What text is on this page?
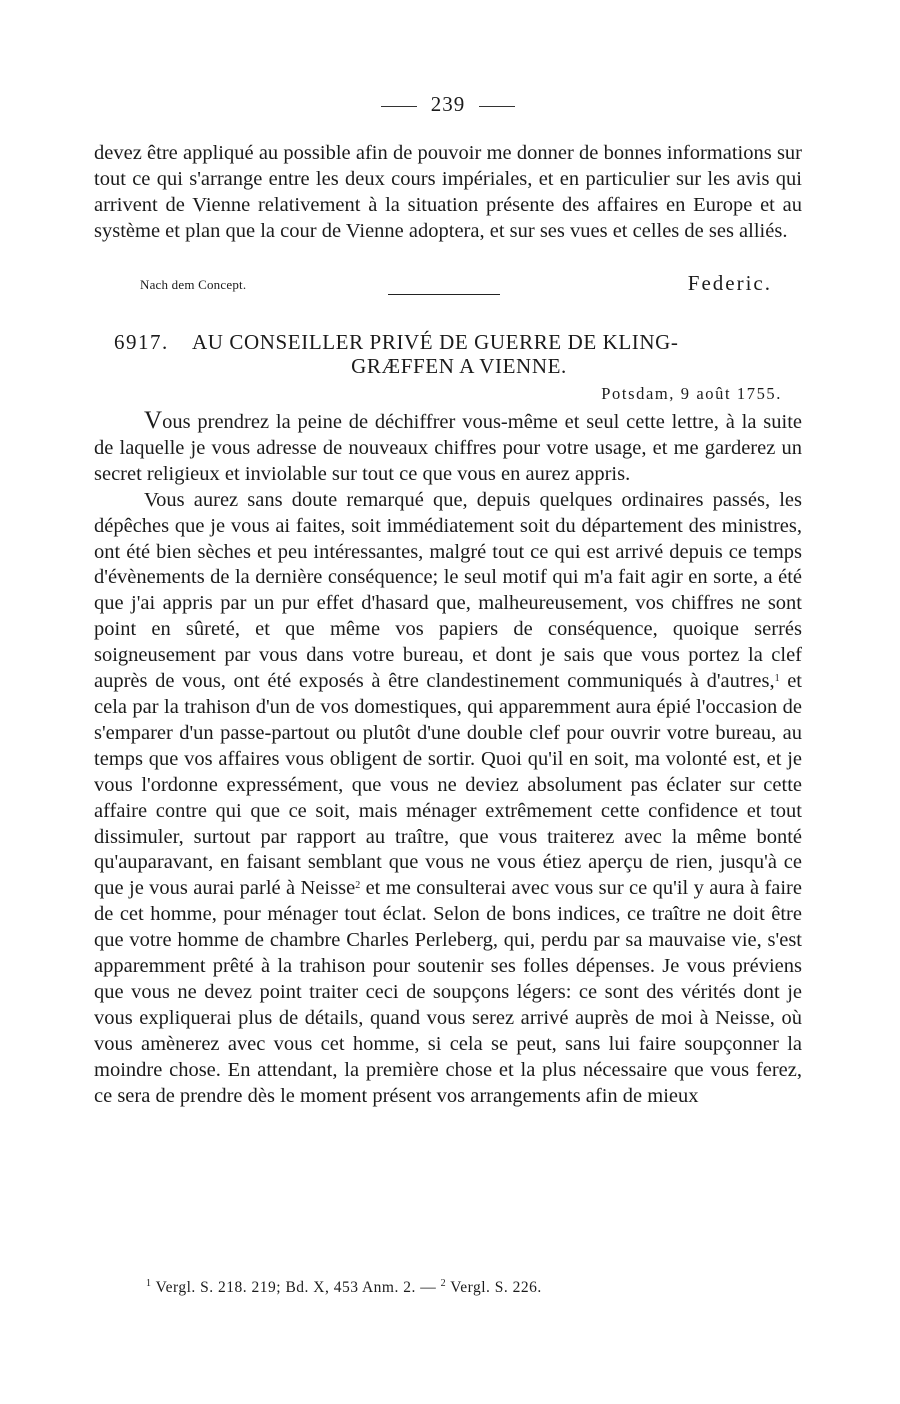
239

devez être appliqué au possible afin de pouvoir me donner de bonnes informations sur tout ce qui s'arrange entre les deux cours impériales, et en particulier sur les avis qui arrivent de Vienne relativement à la situation présente des affaires en Europe et au système et plan que la cour de Vienne adoptera, et sur ses vues et celles de ses alliés.

Nach dem Concept.	Federic.
6917. AU CONSEILLER PRIVÉ DE GUERRE DE KLING-
GRÆFFEN A VIENNE.
Potsdam, 9 août 1755.

Vous prendrez la peine de déchiffrer vous-même et seul cette lettre, à la suite de laquelle je vous adresse de nouveaux chiffres pour votre usage, et me garderez un secret religieux et inviolable sur tout ce que vous en aurez appris.

Vous aurez sans doute remarqué que, depuis quelques ordinaires passés, les dépêches que je vous ai faites, soit immédiatement soit du département des ministres, ont été bien sèches et peu intéressantes, malgré tout ce qui est arrivé depuis ce temps d'évènements de la dernière conséquence; le seul motif qui m'a fait agir en sorte, a été que j'ai appris par un pur effet d'hasard que, malheureusement, vos chiffres ne sont point en sûreté, et que même vos papiers de conséquence, quoique serrés soigneusement par vous dans votre bureau, et dont je sais que vous portez la clef auprès de vous, ont été exposés à être clandestinement communiqués à d'autres,$^1$ et cela par la trahison d'un de vos domestiques, qui apparemment aura épié l'occasion de s'emparer d'un passe-partout ou plutôt d'une double clef pour ouvrir votre bureau, au temps que vos affaires vous obligent de sortir. Quoi qu'il en soit, ma volonté est, et je vous l'ordonne expressément, que vous ne deviez absolument pas éclater sur cette affaire contre qui que ce soit, mais ménager extrêmement cette confidence et tout dissimuler, surtout par rapport au traître, que vous traiterez avec la même bonté qu'auparavant, en faisant semblant que vous ne vous étiez aperçu de rien, jusqu'à ce que je vous aurai parlé à Neisse$^2$ et me consulterai avec vous sur ce qu'il y aura à faire de cet homme, pour ménager tout éclat. Selon de bons indices, ce traître ne doit être que votre homme de chambre Charles Perleberg, qui, perdu par sa mauvaise vie, s'est apparemment prêté à la trahison pour soutenir ses folles dépenses. Je vous préviens que vous ne devez point traiter ceci de soupçons légers: ce sont des vérités dont je vous expliquerai plus de détails, quand vous serez arrivé auprès de moi à Neisse, où vous amènerez avec vous cet homme, si cela se peut, sans lui faire soupçonner la moindre chose. En attendant, la première chose et la plus nécessaire que vous ferez, ce sera de prendre dès le moment présent vos arrangements afin de mieux

$^1$ Vergl. S. 218. 219; Bd. X, 453 Anm. 2. — $^2$ Vergl. S. 226.
